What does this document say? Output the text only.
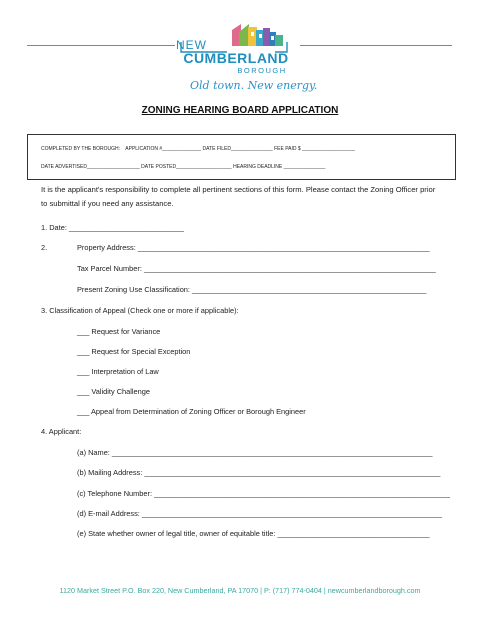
NEW
CUMBERLAND
BOROUGH
Old town. New energy.
ZONING HEARING BOARD APPLICATION
COMPLETED BY THE BOROUGH:    APPLICATION #______________ DATE FILED_______________ FEE PAID $ ___________________
DATE ADVERTISED___________________ DATE POSTED____________________ HEARING DEADLINE _______________
It is the applicant's responsibility to complete all pertinent sections of this form. Please contact the Zoning Officer prior to submittal if you need any assistance.
1. Date: ____________________________
2.	Property Address: _______________________________________________________________________
Tax Parcel Number: _______________________________________________________________________
Present Zoning Use Classification: _________________________________________________________
3. Classification of Appeal (Check one or more if applicable):
___ Request for Variance
___ Request for Special Exception
___ Interpretation of Law
___ Validity Challenge
___ Appeal from Determination of Zoning Officer or Borough Engineer
4. Applicant:
(a) Name: ______________________________________________________________________________
(b) Mailing Address: ________________________________________________________________________
(c) Telephone Number: ________________________________________________________________________
(d) E-mail Address: _________________________________________________________________________
(e) State whether owner of legal title, owner of equitable title: _____________________________________
1120 Market Street P.O. Box 220, New Cumberland, PA 17070 | P: (717) 774-0404 | newcumberlandborough.com
